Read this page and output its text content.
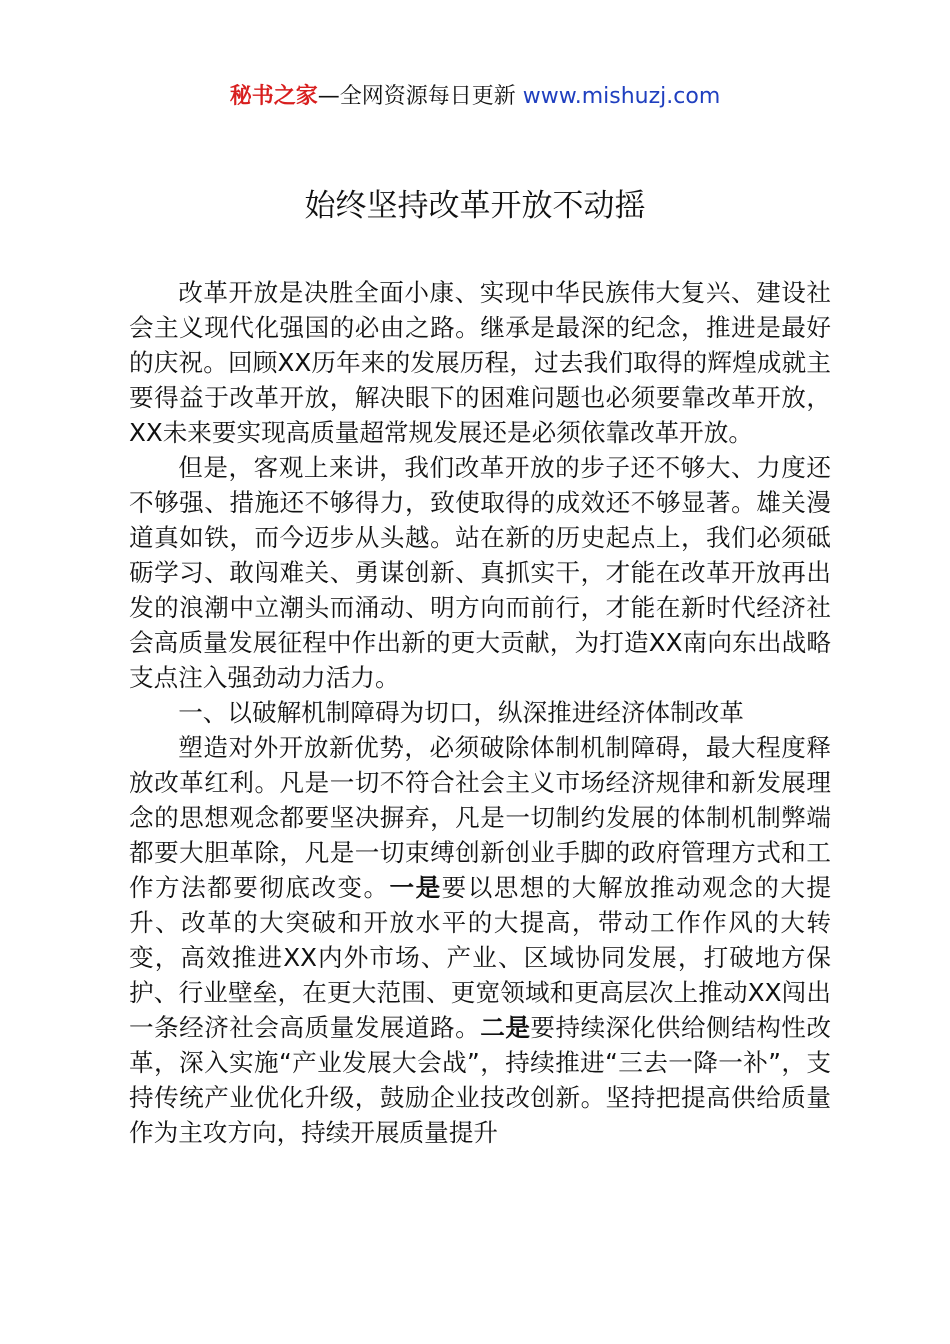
秘书之家—全网资源每日更新 www.mishuzj.com
始终坚持改革开放不动摇

改革开放是决胜全面小康、实现中华民族伟大复兴、建设社会主义现代化强国的必由之路。继承是最深的纪念，推进是最好的庆祝。回顾XX历年来的发展历程，过去我们取得的辉煌成就主要得益于改革开放，解决眼下的困难问题也必须要靠改革开放，XX未来要实现高质量超常规发展还是必须依靠改革开放。

但是，客观上来讲，我们改革开放的步子还不够大、力度还不够强、措施还不够得力，致使取得的成效还不够显著。雄关漫道真如铁，而今迈步从头越。站在新的历史起点上，我们必须砥砺学习、敢闯难关、勇谋创新、真抓实干，才能在改革开放再出发的浪潮中立潮头而涌动、明方向而前行，才能在新时代经济社会高质量发展征程中作出新的更大贡献，为打造XX南向东出战略支点注入强劲动力活力。

一、以破解机制障碍为切口，纵深推进经济体制改革

塑造对外开放新优势，必须破除体制机制障碍，最大程度释放改革红利。凡是一切不符合社会主义市场经济规律和新发展理念的思想观念都要坚决摒弃，凡是一切制约发展的体制机制弊端都要大胆革除，凡是一切束缚创新创业手脚的政府管理方式和工作方法都要彻底改变。一是要以思想的大解放推动观念的大提升、改革的大突破和开放水平的大提高，带动工作作风的大转变，高效推进XX内外市场、产业、区域协同发展，打破地方保护、行业壁垒，在更大范围、更宽领域和更高层次上推动XX闯出一条经济社会高质量发展道路。二是要持续深化供给侧结构性改革，深入实施“产业发展大会战”，持续推进“三去一降一补”，支持传统产业优化升级，鼓励企业技改创新。坚持把提高供给质量作为主攻方向，持续开展质量提升
